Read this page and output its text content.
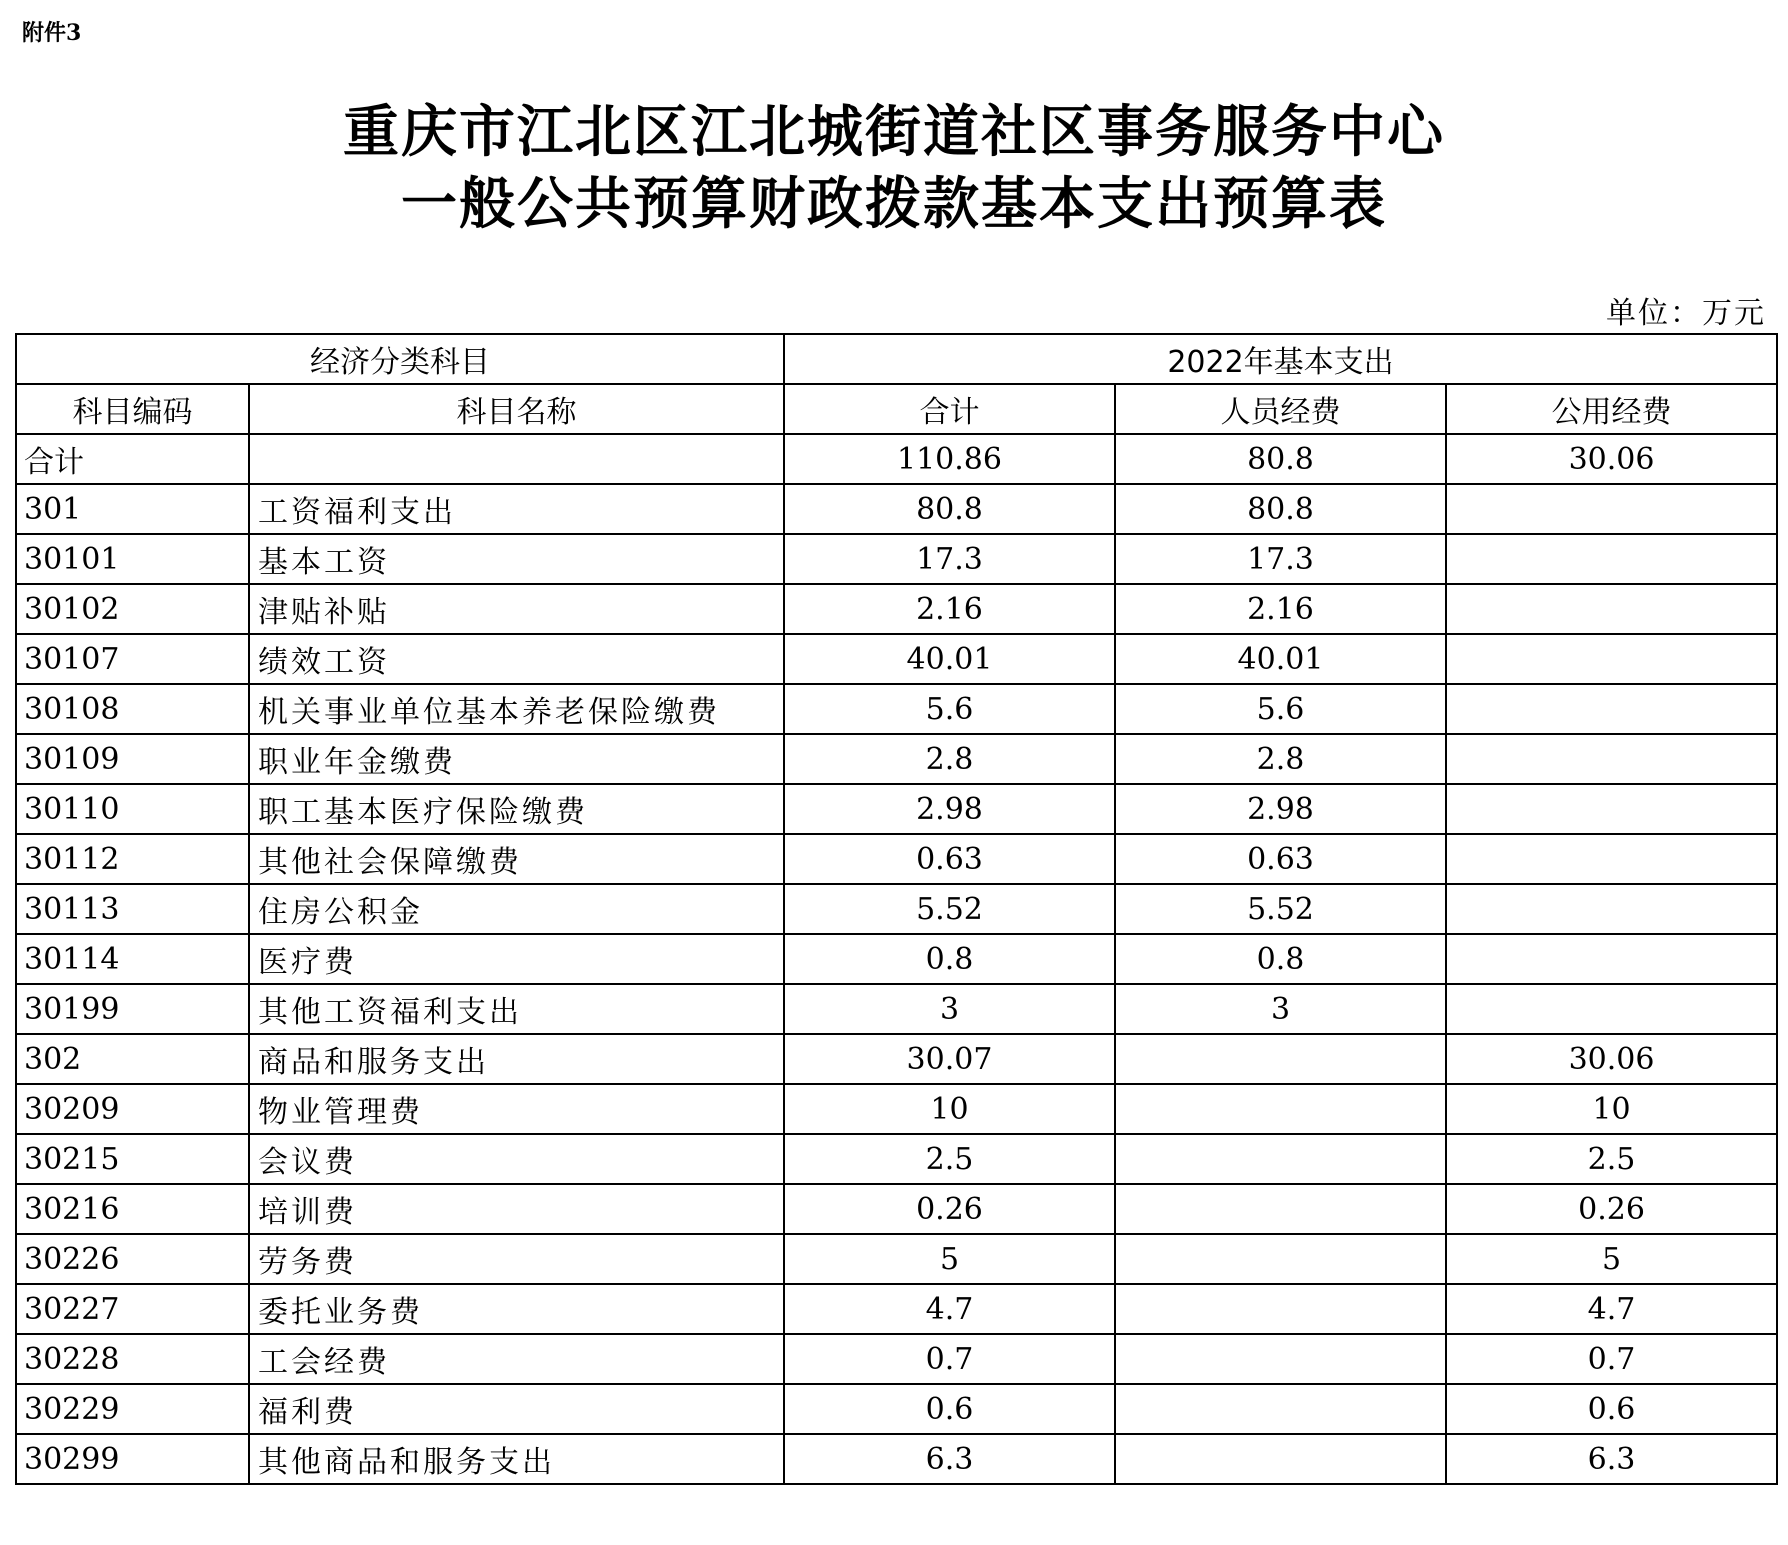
附件3
重庆市江北区江北城街道社区事务服务中心
一般公共预算财政拨款基本支出预算表
单位：万元
经济分类科目		2022年基本支出		
科目编码	科目名称	合计	人员经费	公用经费
合计		110.86	80.8	30.06
301	工资福利支出	80.8	80.8	
30101	基本工资	17.3	17.3	
30102	津贴补贴	2.16	2.16	
30107	绩效工资	40.01	40.01	
30108	机关事业单位基本养老保险缴费	5.6	5.6	
30109	职业年金缴费	2.8	2.8	
30110	职工基本医疗保险缴费	2.98	2.98	
30112	其他社会保障缴费	0.63	0.63	
30113	住房公积金	5.52	5.52	
30114	医疗费	0.8	0.8	
30199	其他工资福利支出	3	3	
302	商品和服务支出	30.07		30.06
30209	物业管理费	10		10
30215	会议费	2.5		2.5
30216	培训费	0.26		0.26
30226	劳务费	5		5
30227	委托业务费	4.7		4.7
30228	工会经费	0.7		0.7
30229	福利费	0.6		0.6
30299	其他商品和服务支出	6.3		6.3
